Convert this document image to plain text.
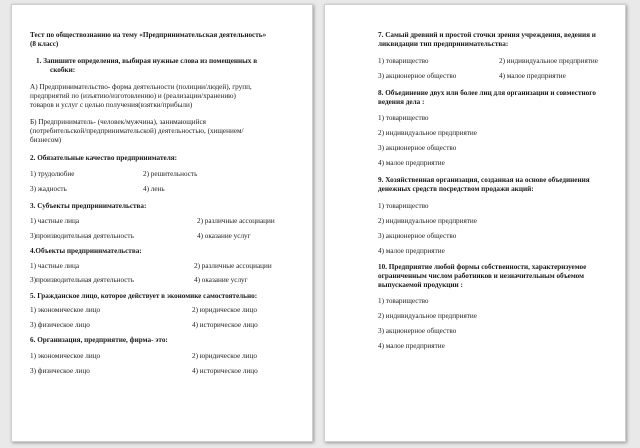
Тест по обществознанию на тему «Предпринимательская деятельность»
(8 класс)
1. Запишите определения, выбирая нужные слова из помещенных в
скобки:
А) Предпринимательство- форма деятельности (полиции/людей), групп,
предприятий по (изъятию/изготовлению) и (реализации/хранению)
товаров и услуг с целью получения(взятки/прибыли)
Б) Предприниматель- (человек/мужчина), занимающийся
(потребительской/предпринимательской) деятельностью, (хищением/
бизнесом)
2. Обязательные качество предпринимателя:
1) трудолюбие	2) решительность
3) жадность	4) лень
3. Субъекты предпринимательства:
1) частные лица	2) различные ассоциации
3)производительная деятельность	4) оказание услуг
4.Объекты предпринимательства:
1) частные лица	2) различные ассоциации
3)производительная деятельность	4) оказание услуг
5. Гражданское лицо, которое действует в экономике самостоятельно:
1) экономическое лицо	2) юридическое лицо
3) физическое лицо	4) историческое лицо
6. Организация, предприятие, фирма- это:
1) экономическое лицо	2) юридическое лицо
3) физическое лицо	4) историческое лицо
7. Самый древний и простой сточки зрения учреждения, ведения и
ликвидации тип предпринимательства:
1) товарищество	2) индивидуальное предприятие
3) акционерное общество	4) малое предприятие
8. Объединение двух или более лиц для организации и совместного
ведения дела :
1) товарищество
2) индивидуальное предприятие
3) акционерное общество
4) малое предприятие
9. Хозяйственная организация, созданная на основе объединения
денежных средств посредством продажи акций:
1) товарищество
2) индивидуальное предприятие
3) акционерное общество
4) малое предприятие
10. Предприятие любой формы собственности, характеризуемое
ограниченным числом работников и незначительным объемом
выпускаемой продукции :
1) товарищество
2) индивидуальное предприятие
3) акционерное общество
4) малое предприятие
